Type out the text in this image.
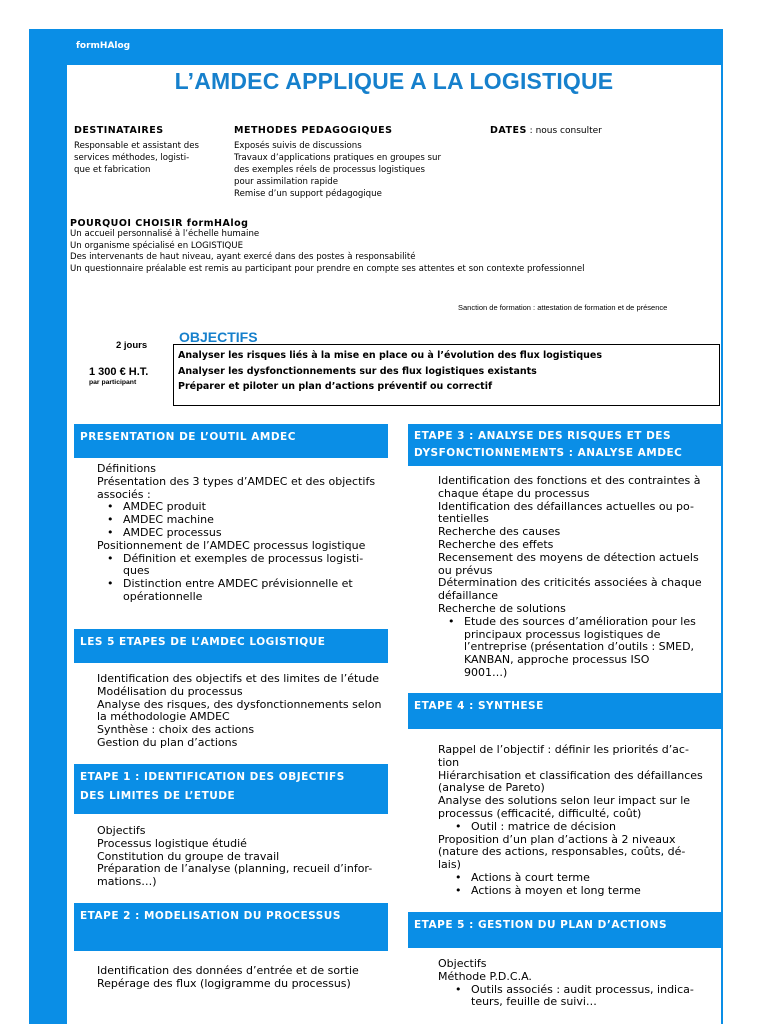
formHAlog
L’AMDEC APPLIQUE A LA LOGISTIQUE
DESTINATAIRES
Responsable et assistant des
services méthodes, logisti-
que et fabrication
METHODES PEDAGOGIQUES
Exposés suivis de discussions
Travaux d’applications pratiques en groupes sur
des exemples réels de processus logistiques
pour assimilation rapide
Remise d’un support pédagogique
DATES : nous consulter
POURQUOI CHOISIR formHAlog
Un accueil personnalisé à l’échelle humaine
Un organisme spécialisé en LOGISTIQUE
Des intervenants de haut niveau, ayant exercé dans des postes à responsabilité
Un questionnaire préalable est remis au participant pour prendre en compte ses attentes et son contexte professionnel
Sanction de formation : attestation de formation et de présence
2 jours
1 300 € H.T.
par participant
OBJECTIFS
Analyser les risques liés à la mise en place ou à l’évolution des flux logistiques
Analyser les dysfonctionnements sur des flux logistiques existants
Préparer et piloter un plan d’actions préventif ou correctif
PRESENTATION DE L’OUTIL AMDEC
Définitions
Présentation des 3 types d’AMDEC et des objectifs
associés :
• AMDEC produit
• AMDEC machine
• AMDEC processus
Positionnement de l’AMDEC processus logistique
• Définition et exemples de processus logisti-
ques
• Distinction entre AMDEC prévisionnelle et
opérationnelle
LES 5 ETAPES DE L’AMDEC LOGISTIQUE
Identification des objectifs et des limites de l’étude
Modélisation du processus
Analyse des risques, des dysfonctionnements selon
la méthodologie AMDEC
Synthèse : choix des actions
Gestion du plan d’actions
ETAPE 1 : IDENTIFICATION DES OBJECTIFS
DES LIMITES DE L’ETUDE
Objectifs
Processus logistique étudié
Constitution du groupe de travail
Préparation de l’analyse (planning, recueil d’infor-
mations…)
ETAPE 2 : MODELISATION DU PROCESSUS
Identification des données d’entrée et de sortie
Repérage des flux (logigramme du processus)
ETAPE 3 : ANALYSE DES RISQUES ET DES
DYSFONCTIONNEMENTS : ANALYSE AMDEC
Identification des fonctions et des contraintes à
chaque étape du processus
Identification des défaillances actuelles ou po-
tentielles
Recherche des causes
Recherche des effets
Recensement des moyens de détection actuels
ou prévus
Détermination des criticités associées à chaque
défaillance
Recherche de solutions
• Etude des sources d’amélioration pour les
principaux processus logistiques de
l’entreprise (présentation d’outils : SMED,
KANBAN, approche processus ISO
9001…)
ETAPE 4 : SYNTHESE
Rappel de l’objectif : définir les priorités d’ac-
tion
Hiérarchisation et classification des défaillances
(analyse de Pareto)
Analyse des solutions selon leur impact sur le
processus (efficacité, difficulté, coût)
• Outil : matrice de décision
Proposition d’un plan d’actions à 2 niveaux
(nature des actions, responsables, coûts, dé-
lais)
• Actions à court terme
• Actions à moyen et long terme
ETAPE 5 : GESTION DU PLAN D’ACTIONS
Objectifs
Méthode P.D.C.A.
• Outils associés : audit processus, indica-
teurs, feuille de suivi…
